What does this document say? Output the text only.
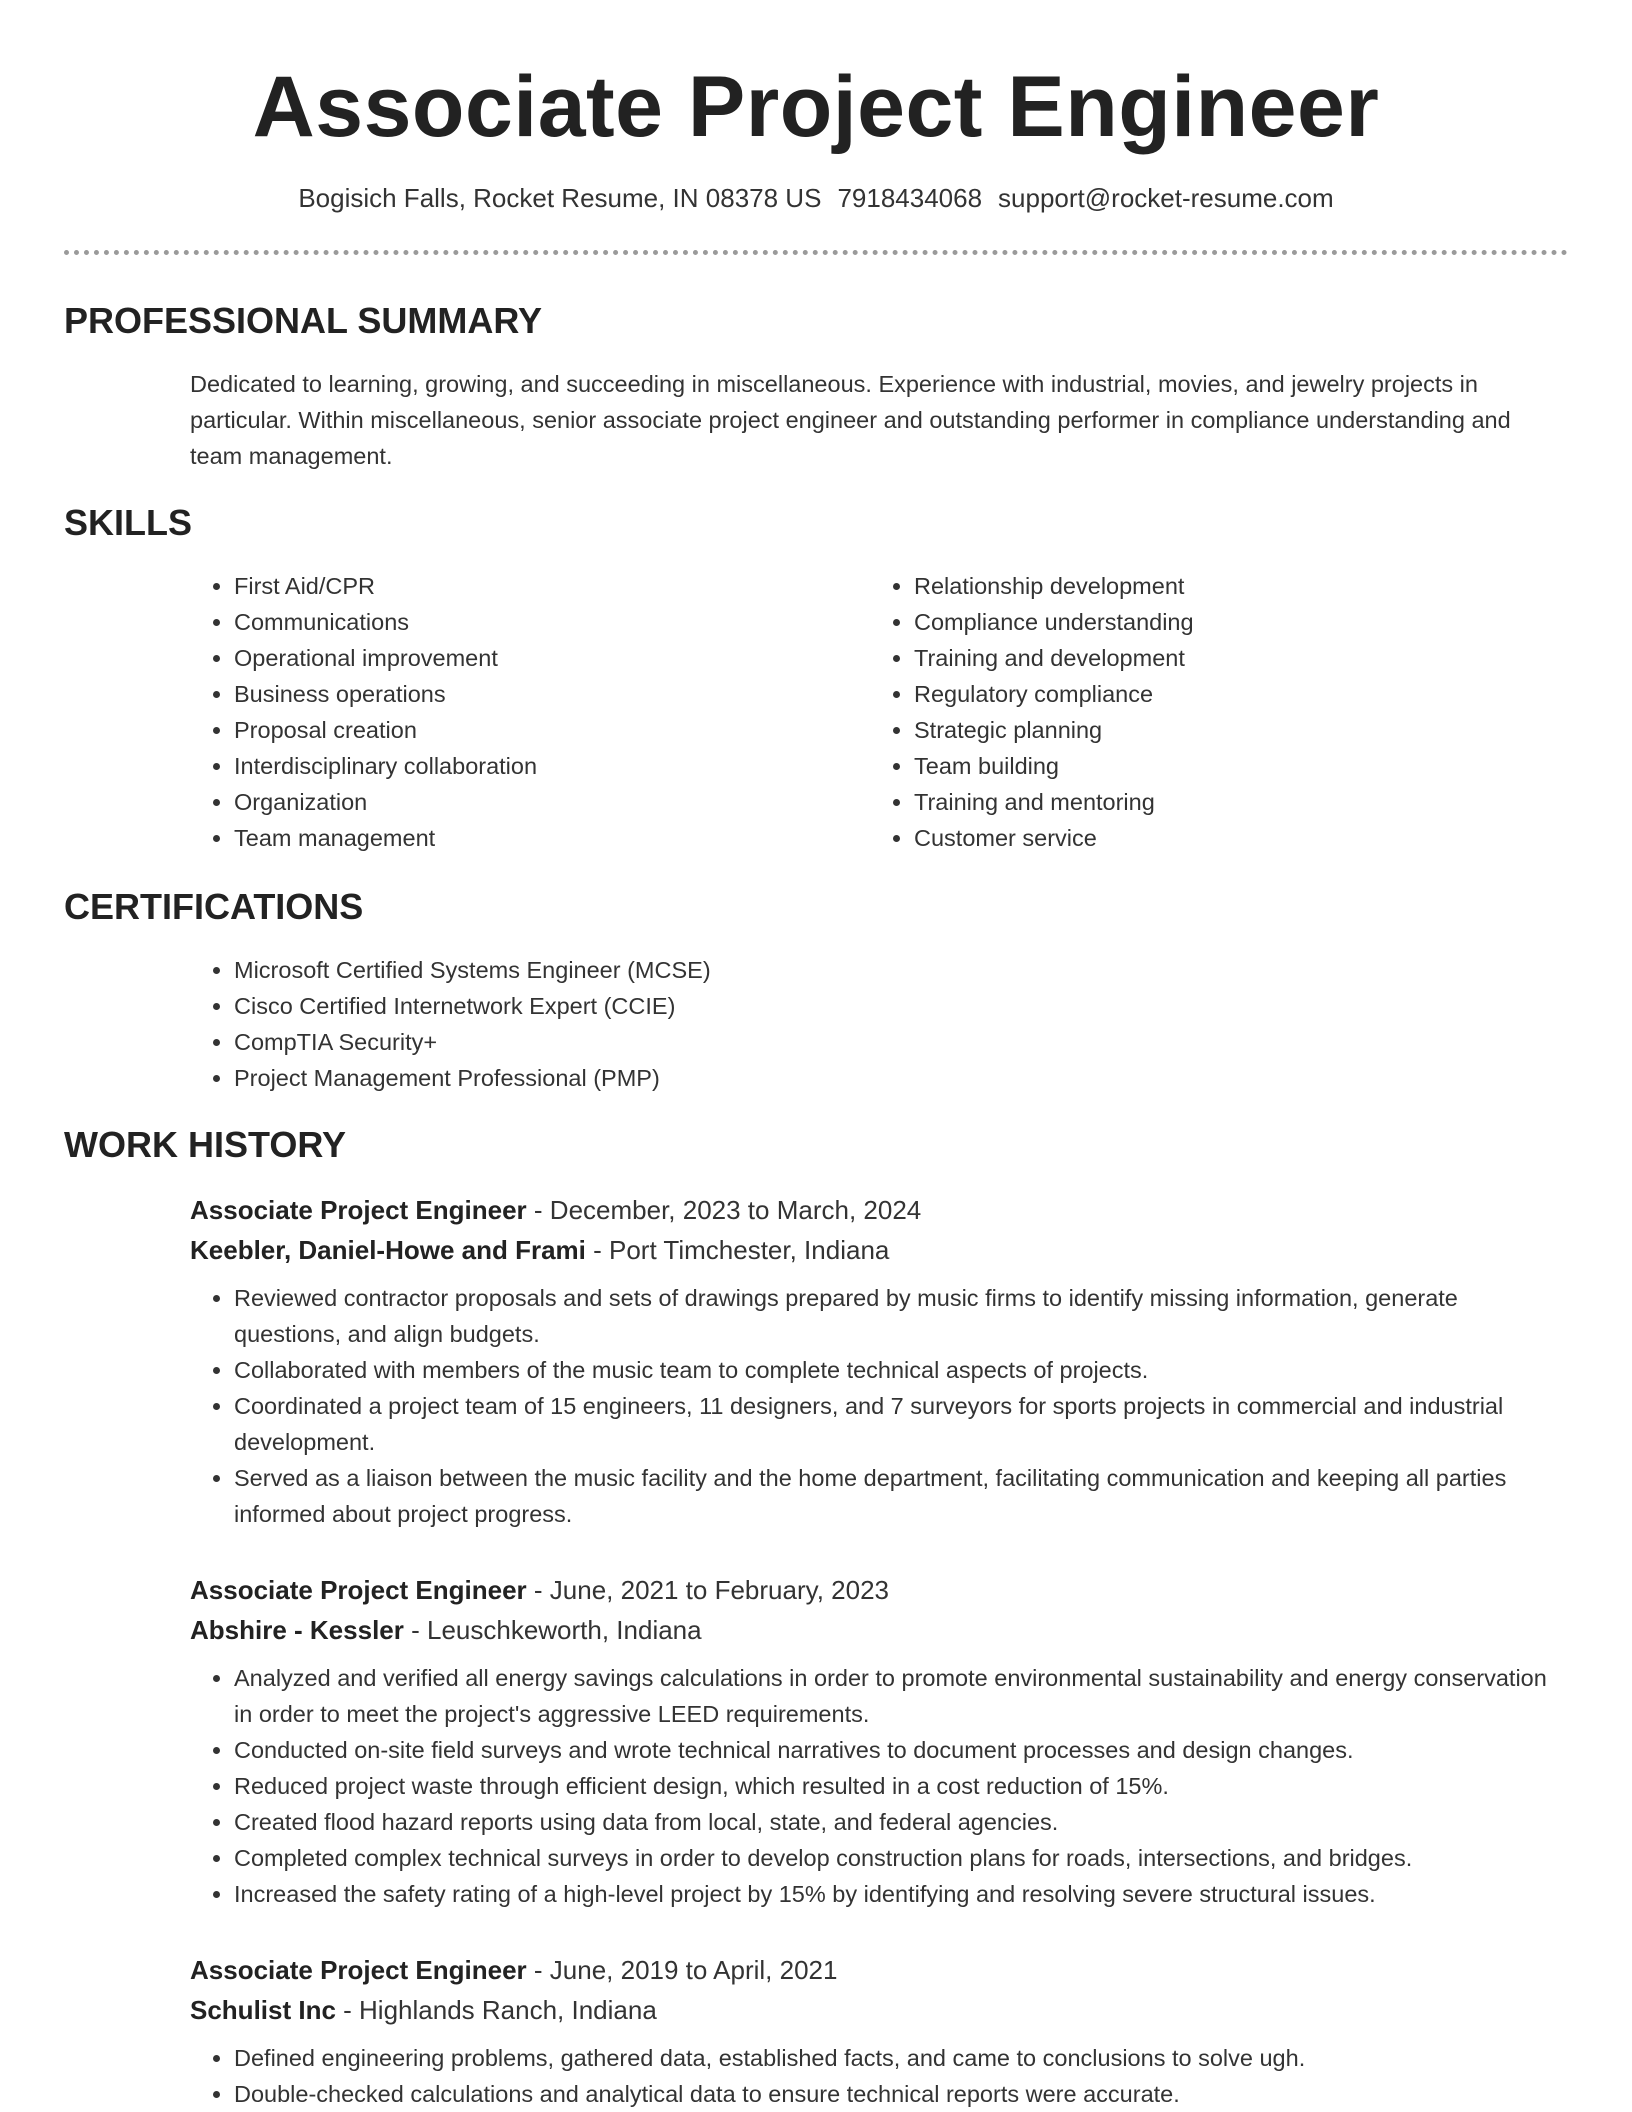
Associate Project Engineer
Bogisich Falls, Rocket Resume, IN 08378 US 7918434068 support@rocket-resume.com
PROFESSIONAL SUMMARY

Dedicated to learning, growing, and succeeding in miscellaneous. Experience with industrial, movies, and jewelry projects in particular. Within miscellaneous, senior associate project engineer and outstanding performer in compliance understanding and team management.

SKILLS
• First Aid/CPR
• Communications
• Operational improvement
• Business operations
• Proposal creation
• Interdisciplinary collaboration
• Organization
• Team management
• Relationship development
• Compliance understanding
• Training and development
• Regulatory compliance
• Strategic planning
• Team building
• Training and mentoring
• Customer service
CERTIFICATIONS
• Microsoft Certified Systems Engineer (MCSE)
• Cisco Certified Internetwork Expert (CCIE)
• CompTIA Security+
• Project Management Professional (PMP)
WORK HISTORY
Associate Project Engineer - December, 2023 to March, 2024
Keebler, Daniel-Howe and Frami - Port Timchester, Indiana
• Reviewed contractor proposals and sets of drawings prepared by music firms to identify missing information, generate questions, and align budgets.
• Collaborated with members of the music team to complete technical aspects of projects.
• Coordinated a project team of 15 engineers, 11 designers, and 7 surveyors for sports projects in commercial and industrial development.
• Served as a liaison between the music facility and the home department, facilitating communication and keeping all parties informed about project progress.
Associate Project Engineer - June, 2021 to February, 2023
Abshire - Kessler - Leuschkeworth, Indiana
• Analyzed and verified all energy savings calculations in order to promote environmental sustainability and energy conservation in order to meet the project's aggressive LEED requirements.
• Conducted on-site field surveys and wrote technical narratives to document processes and design changes.
• Reduced project waste through efficient design, which resulted in a cost reduction of 15%.
• Created flood hazard reports using data from local, state, and federal agencies.
• Completed complex technical surveys in order to develop construction plans for roads, intersections, and bridges.
• Increased the safety rating of a high-level project by 15% by identifying and resolving severe structural issues.
Associate Project Engineer - June, 2019 to April, 2021
Schulist Inc - Highlands Ranch, Indiana
• Defined engineering problems, gathered data, established facts, and came to conclusions to solve ugh.
• Double-checked calculations and analytical data to ensure technical reports were accurate.
